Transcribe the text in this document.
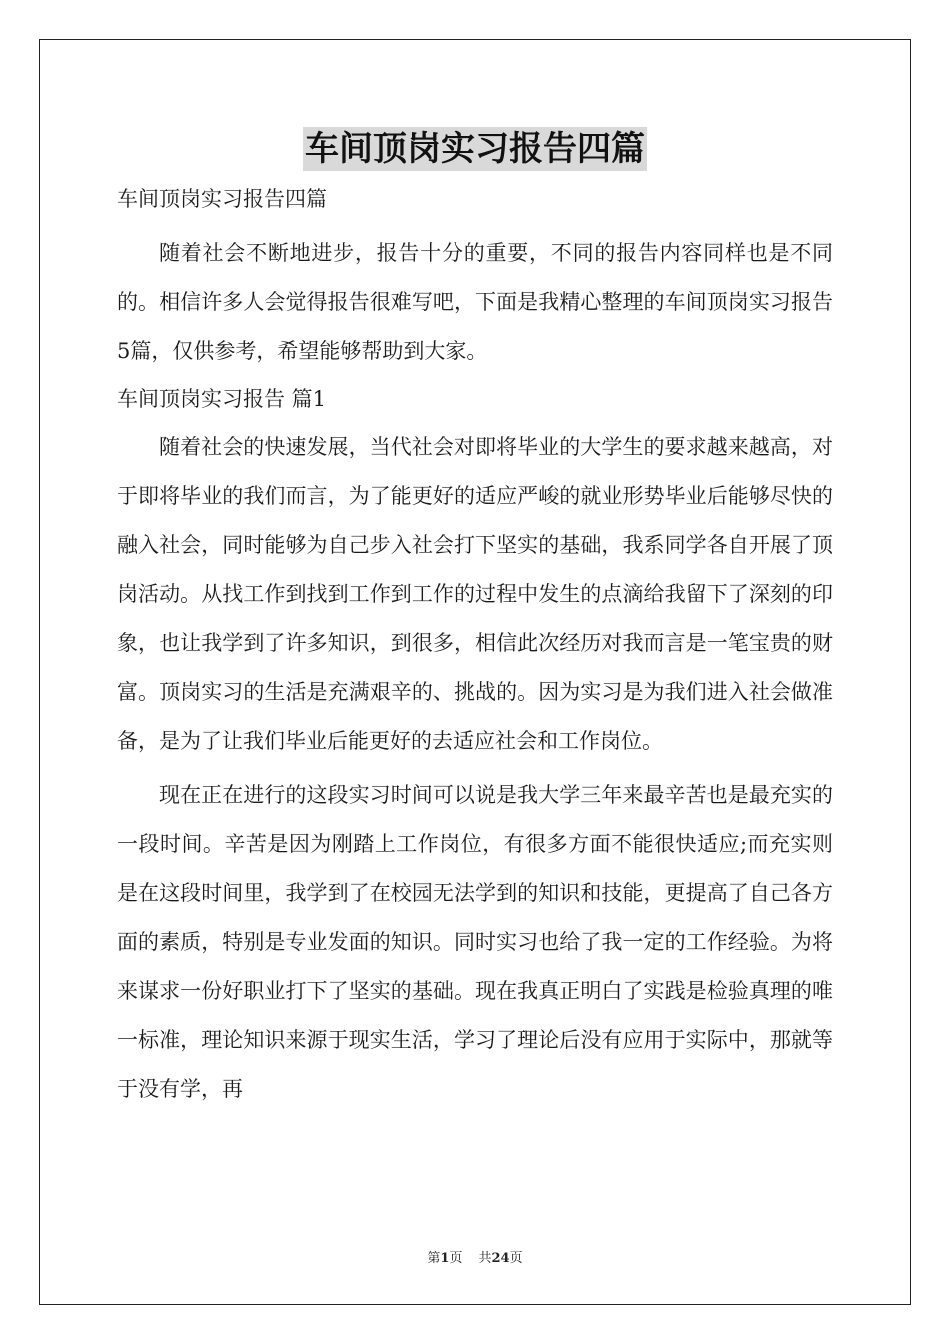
车间顶岗实习报告四篇
车间顶岗实习报告四篇

随着社会不断地进步，报告十分的重要，不同的报告内容同样也是不同的。相信许多人会觉得报告很难写吧，下面是我精心整理的车间顶岗实习报告5篇，仅供参考，希望能够帮助到大家。

车间顶岗实习报告 篇1

随着社会的快速发展，当代社会对即将毕业的大学生的要求越来越高，对于即将毕业的我们而言，为了能更好的适应严峻的就业形势毕业后能够尽快的融入社会，同时能够为自己步入社会打下坚实的基础，我系同学各自开展了顶岗活动。从找工作到找到工作到工作的过程中发生的点滴给我留下了深刻的印象，也让我学到了许多知识，到很多，相信此次经历对我而言是一笔宝贵的财富。顶岗实习的生活是充满艰辛的、挑战的。因为实习是为我们进入社会做准备，是为了让我们毕业后能更好的去适应社会和工作岗位。

现在正在进行的这段实习时间可以说是我大学三年来最辛苦也是最充实的一段时间。辛苦是因为刚踏上工作岗位，有很多方面不能很快适应;而充实则是在这段时间里，我学到了在校园无法学到的知识和技能，更提高了自己各方面的素质，特别是专业发面的知识。同时实习也给了我一定的工作经验。为将来谋求一份好职业打下了坚实的基础。现在我真正明白了实践是检验真理的唯一标准，理论知识来源于现实生活，学习了理论后没有应用于实际中，那就等于没有学，再

第1页 共24页
